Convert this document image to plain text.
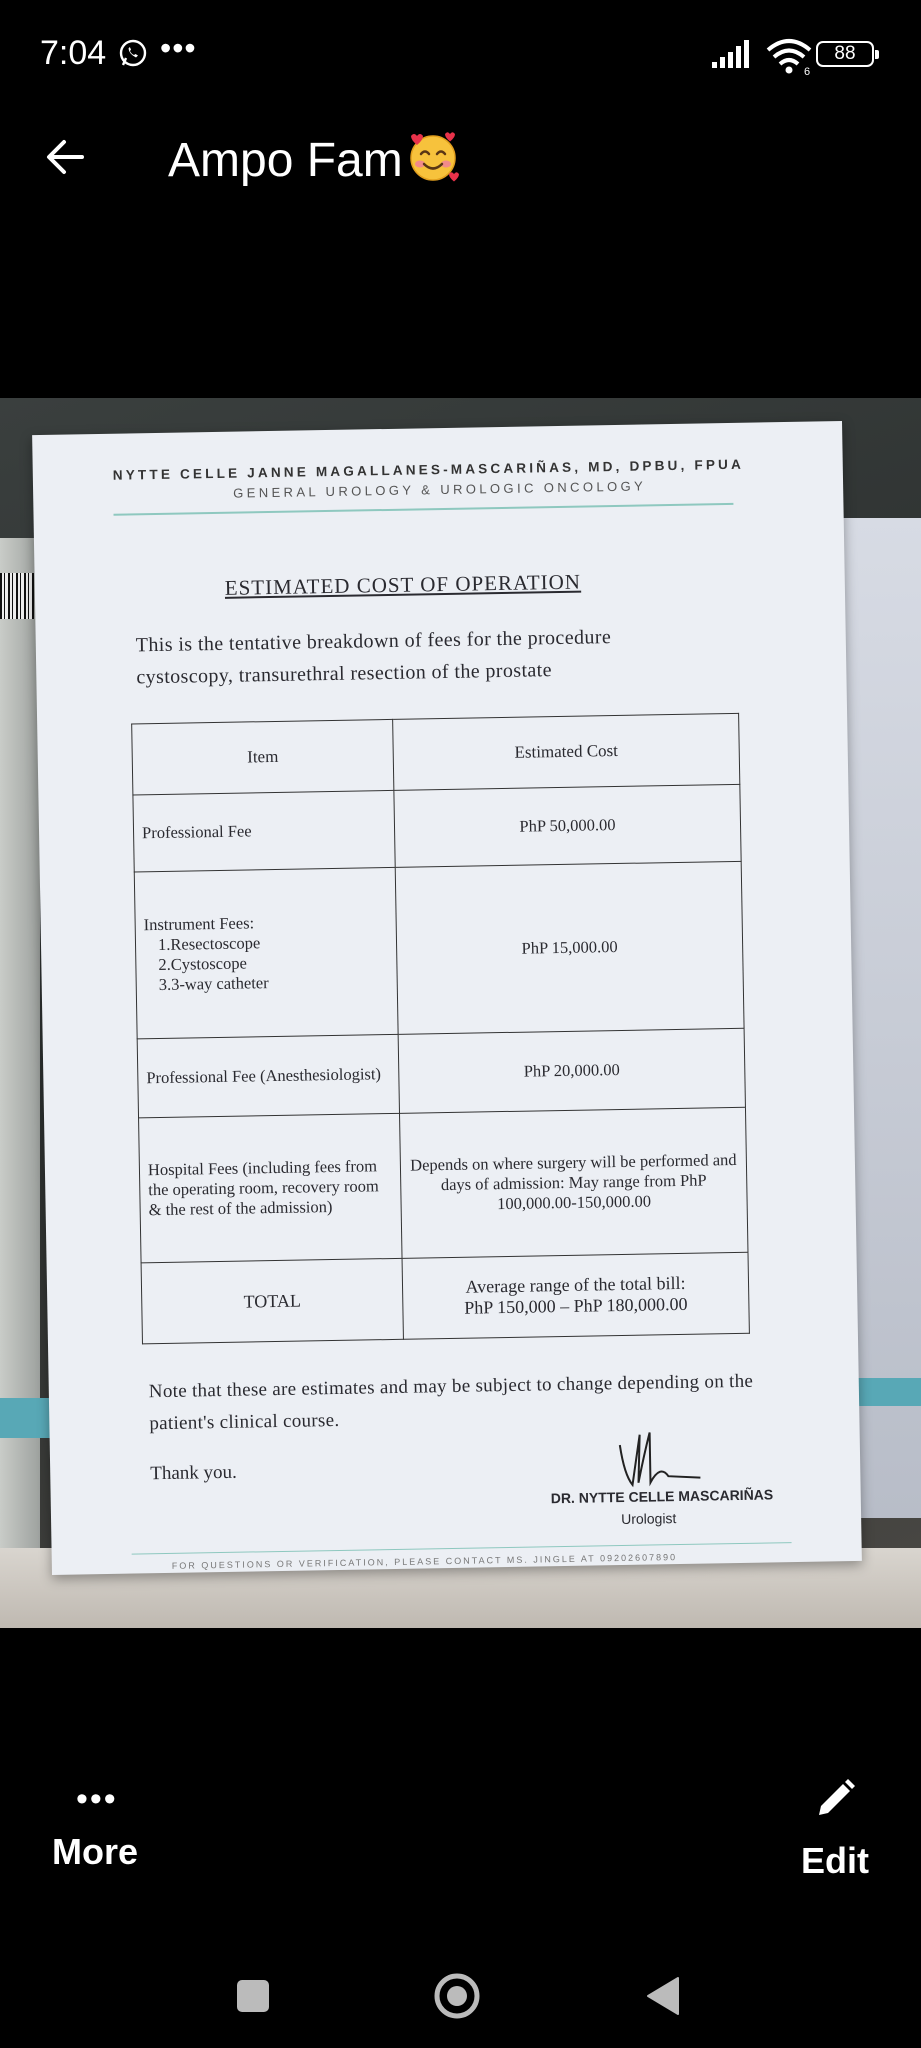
7:04 •••
6
88
Ampo Fam
NYTTE CELLE JANNE MAGALLANES-MASCARIÑAS, MD, DPBU, FPUA
GENERAL UROLOGY & UROLOGIC ONCOLOGY
ESTIMATED COST OF OPERATION
This is the tentative breakdown of fees for the procedure
cystoscopy, transurethral resection of the prostate
Item	Estimated Cost
Professional Fee	PhP 50,000.00

Instrument Fees:
1.Resectoscope
2.Cystoscope
3.3-way catheter	PhP 15,000.00
Professional Fee (Anesthesiologist)	PhP 20,000.00
Hospital Fees (including fees from the operating room, recovery room & the rest of the admission)	Depends on where surgery will be performed and days of admission: May range from PhP 100,000.00-150,000.00
TOTAL	Average range of the total bill:
PhP 150,000 – PhP 180,000.00
Note that these are estimates and may be subject to change depending on the patient's clinical course.
Thank you.
DR. NYTTE CELLE MASCARIÑAS
Urologist
FOR QUESTIONS OR VERIFICATION, PLEASE CONTACT MS. JINGLE AT 09202607890
•••
More	Edit
